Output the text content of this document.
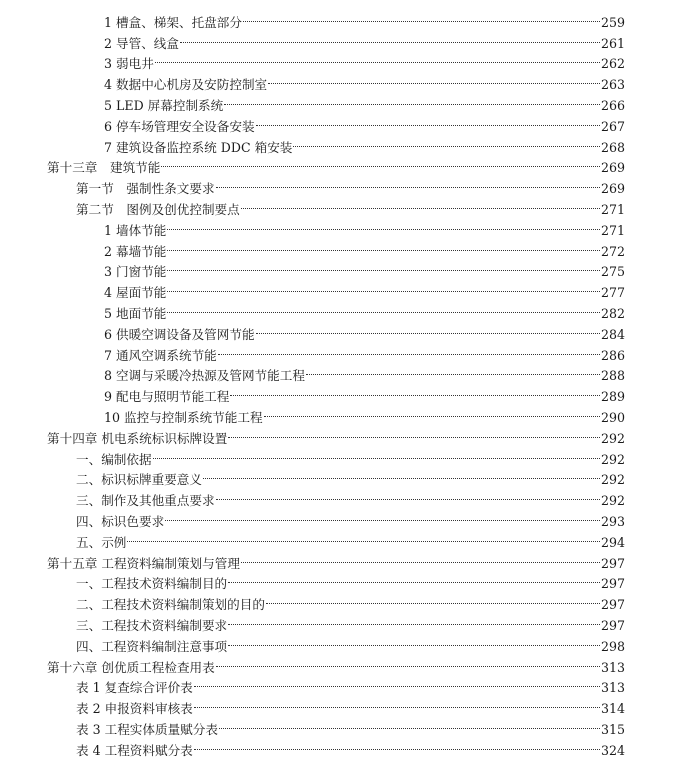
1 槽盒、梯架、托盘部分	259
2 导管、线盒	261
3 弱电井	262
4 数据中心机房及安防控制室	263
5 LED 屏幕控制系统	266
6 停车场管理安全设备安装	267
7 建筑设备监控系统 DDC 箱安装	268
第十三章　建筑节能	269
第一节　强制性条文要求	269
第二节　图例及创优控制要点	271
1 墙体节能	271
2 幕墙节能	272
3 门窗节能	275
4 屋面节能	277
5 地面节能	282
6 供暖空调设备及管网节能	284
7 通风空调系统节能	286
8 空调与采暖冷热源及管网节能工程	288
9 配电与照明节能工程	289
10 监控与控制系统节能工程	290
第十四章 机电系统标识标牌设置	292
一、编制依据	292
二、标识标牌重要意义	292
三、制作及其他重点要求	292
四、标识色要求	293
五、示例	294
第十五章 工程资料编制策划与管理	297
一、工程技术资料编制目的	297
二、工程技术资料编制策划的目的	297
三、工程技术资料编制要求	297
四、工程资料编制注意事项	298
第十六章 创优质工程检查用表	313
表 1 复查综合评价表	313
表 2 申报资料审核表	314
表 3 工程实体质量赋分表	315
表 4 工程资料赋分表	324
